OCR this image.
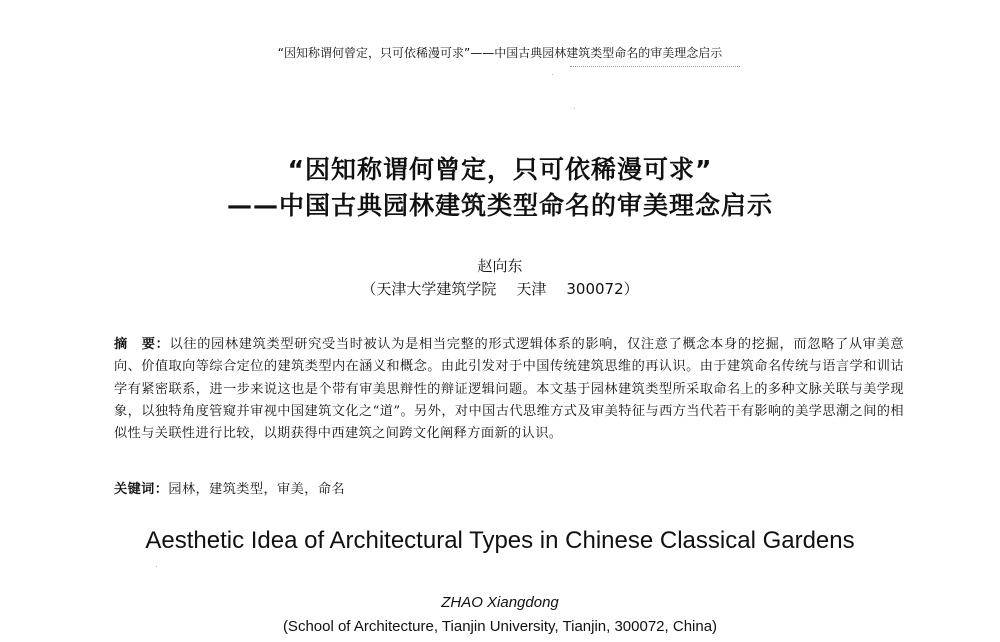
“因知称谓何曾定，只可依稀漫可求”——中国古典园林建筑类型命名的审美理念启示
“因知称谓何曾定，只可依稀漫可求”
——中国古典园林建筑类型命名的审美理念启示
赵向东
（天津大学建筑学院 天津 300072）
摘　要：以往的园林建筑类型研究受当时被认为是相当完整的形式逻辑体系的影响，仅注意了概念本身的挖掘，而忽略了从审美意向、价值取向等综合定位的建筑类型内在涵义和概念。由此引发对于中国传统建筑思维的再认识。由于建筑命名传统与语言学和训诂学有紧密联系，进一步来说这也是个带有审美思辩性的辩证逻辑问题。本文基于园林建筑类型所采取命名上的多种文脉关联与美学现象，以独特角度管窥并审视中国建筑文化之“道”。另外，对中国古代思维方式及审美特征与西方当代若干有影响的美学思潮之间的相似性与关联性进行比较，以期获得中西建筑之间跨文化阐释方面新的认识。
关键词：园林，建筑类型，审美，命名
Aesthetic Idea of Architectural Types in Chinese Classical Gardens
ZHAO Xiangdong
(School of Architecture, Tianjin University, Tianjin, 300072, China)
